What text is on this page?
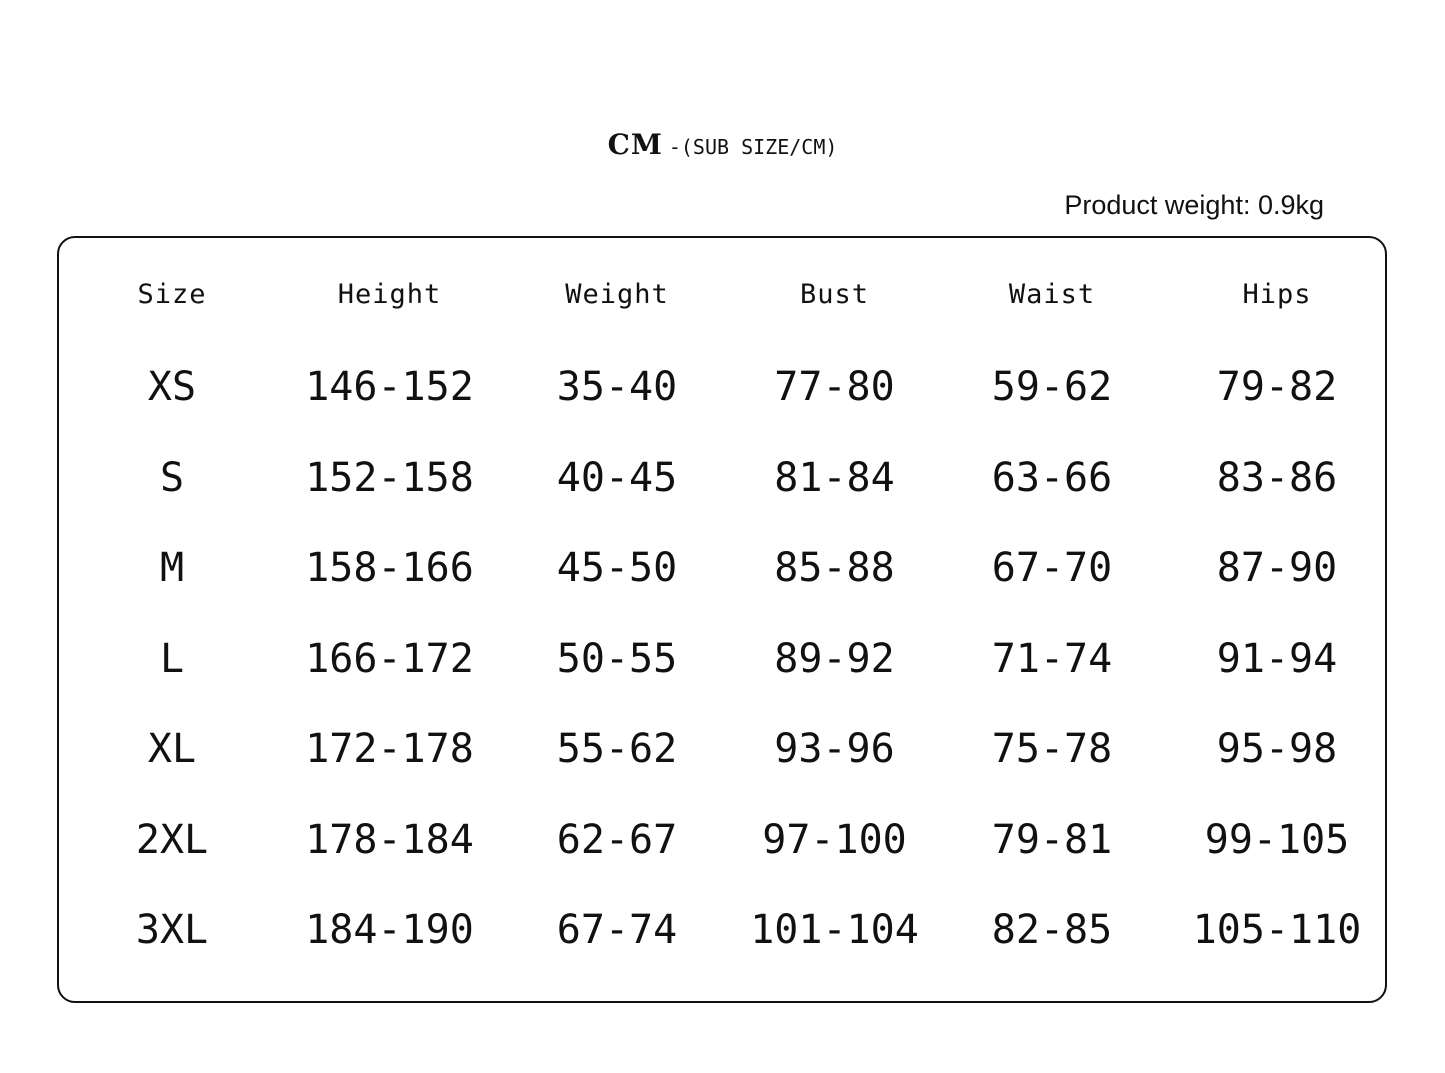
CM -(SUB SIZE/CM)
Product weight: 0.9kg
Size	Height	Weight	Bust	Waist	Hips
XS	146-152	35-40	77-80	59-62	79-82
S	152-158	40-45	81-84	63-66	83-86
M	158-166	45-50	85-88	67-70	87-90
L	166-172	50-55	89-92	71-74	91-94
XL	172-178	55-62	93-96	75-78	95-98
2XL	178-184	62-67	97-100	79-81	99-105
3XL	184-190	67-74	101-104	82-85	105-110
